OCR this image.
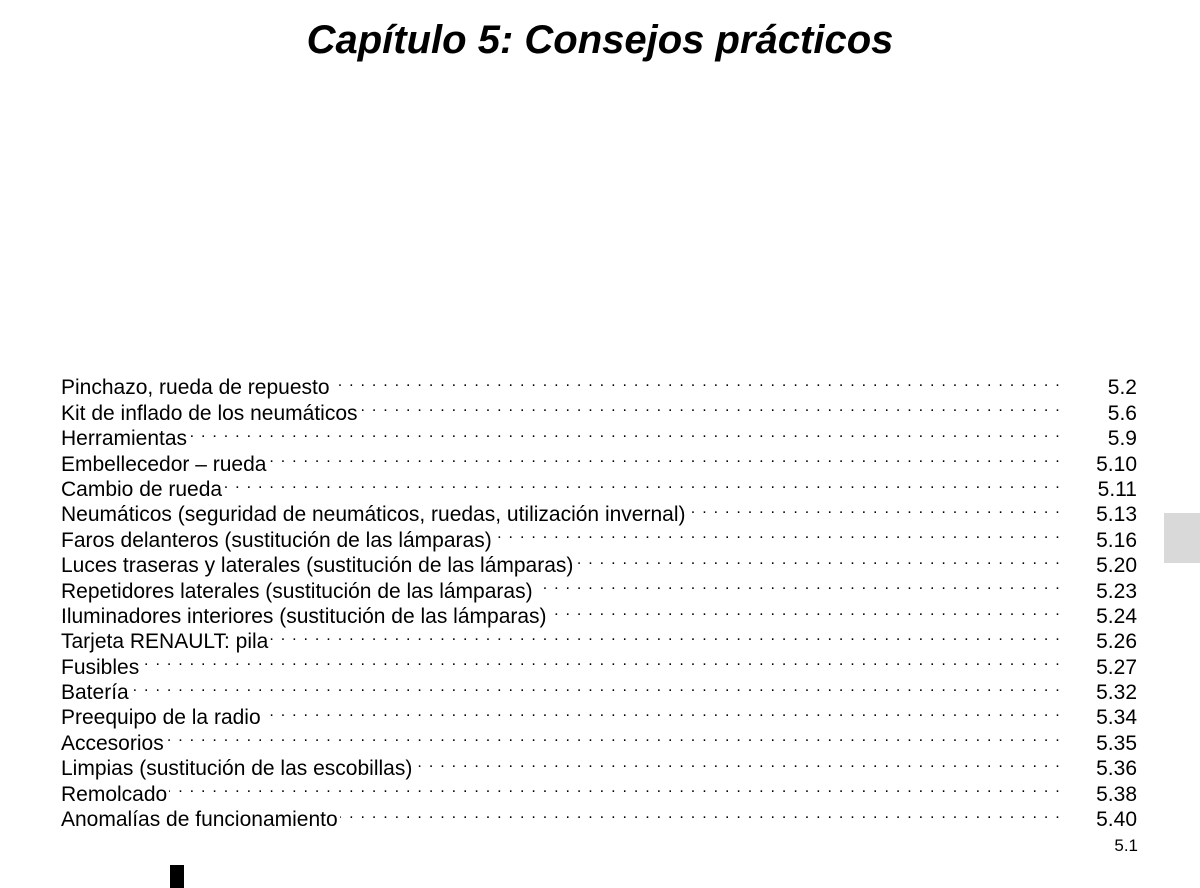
Capítulo 5: Consejos prácticos
Pinchazo, rueda de repuesto . . .	5.2
Kit de inflado de los neumáticos . . .	5.6
Herramientas . . .	5.9
Embellecedor – rueda . . .	5.10
Cambio de rueda . . .	5.11
Neumáticos (seguridad de neumáticos, ruedas, utilización invernal) . . .	5.13
Faros delanteros (sustitución de las lámparas) . . .	5.16
Luces traseras y laterales (sustitución de las lámparas) . . .	5.20
Repetidores laterales (sustitución de las lámparas) . . .	5.23
Iluminadores interiores (sustitución de las lámparas) . . .	5.24
Tarjeta RENAULT: pila . . .	5.26
Fusibles . . .	5.27
Batería . . .	5.32
Preequipo de la radio . . .	5.34
Accesorios . . .	5.35
Limpias (sustitución de las escobillas) . . .	5.36
Remolcado . . .	5.38
Anomalías de funcionamiento . . .	5.40
5.1
